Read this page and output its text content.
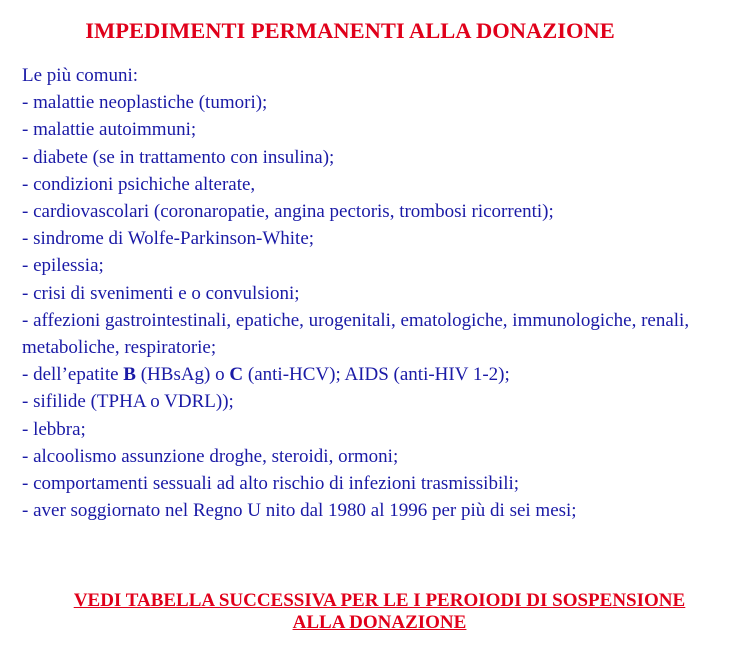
IMPEDIMENTI PERMANENTI ALLA DONAZIONE
Le più comuni:
- malattie neoplastiche (tumori);
- malattie autoimmuni;
- diabete (se in trattamento con insulina);
- condizioni psichiche alterate,
- cardiovascolari (coronaropatie, angina pectoris, trombosi ricorrenti);
- sindrome di Wolfe-Parkinson-White;
- epilessia;
- crisi di svenimenti e o convulsioni;
- affezioni gastrointestinali, epatiche, urogenitali, ematologiche, immunologiche, renali, metaboliche, respiratorie;
- dell’epatite B (HBsAg) o C (anti-HCV); AIDS (anti-HIV 1-2);
- sifilide (TPHA o VDRL));
- lebbra;
- alcoolismo assunzione droghe, steroidi, ormoni;
- comportamenti sessuali ad alto rischio di infezioni trasmissibili;
- aver soggiornato nel Regno U nito dal 1980 al 1996 per più di sei mesi;
VEDI TABELLA SUCCESSIVA PER LE I PEROIODI DI SOSPENSIONE
ALLA DONAZIONE
